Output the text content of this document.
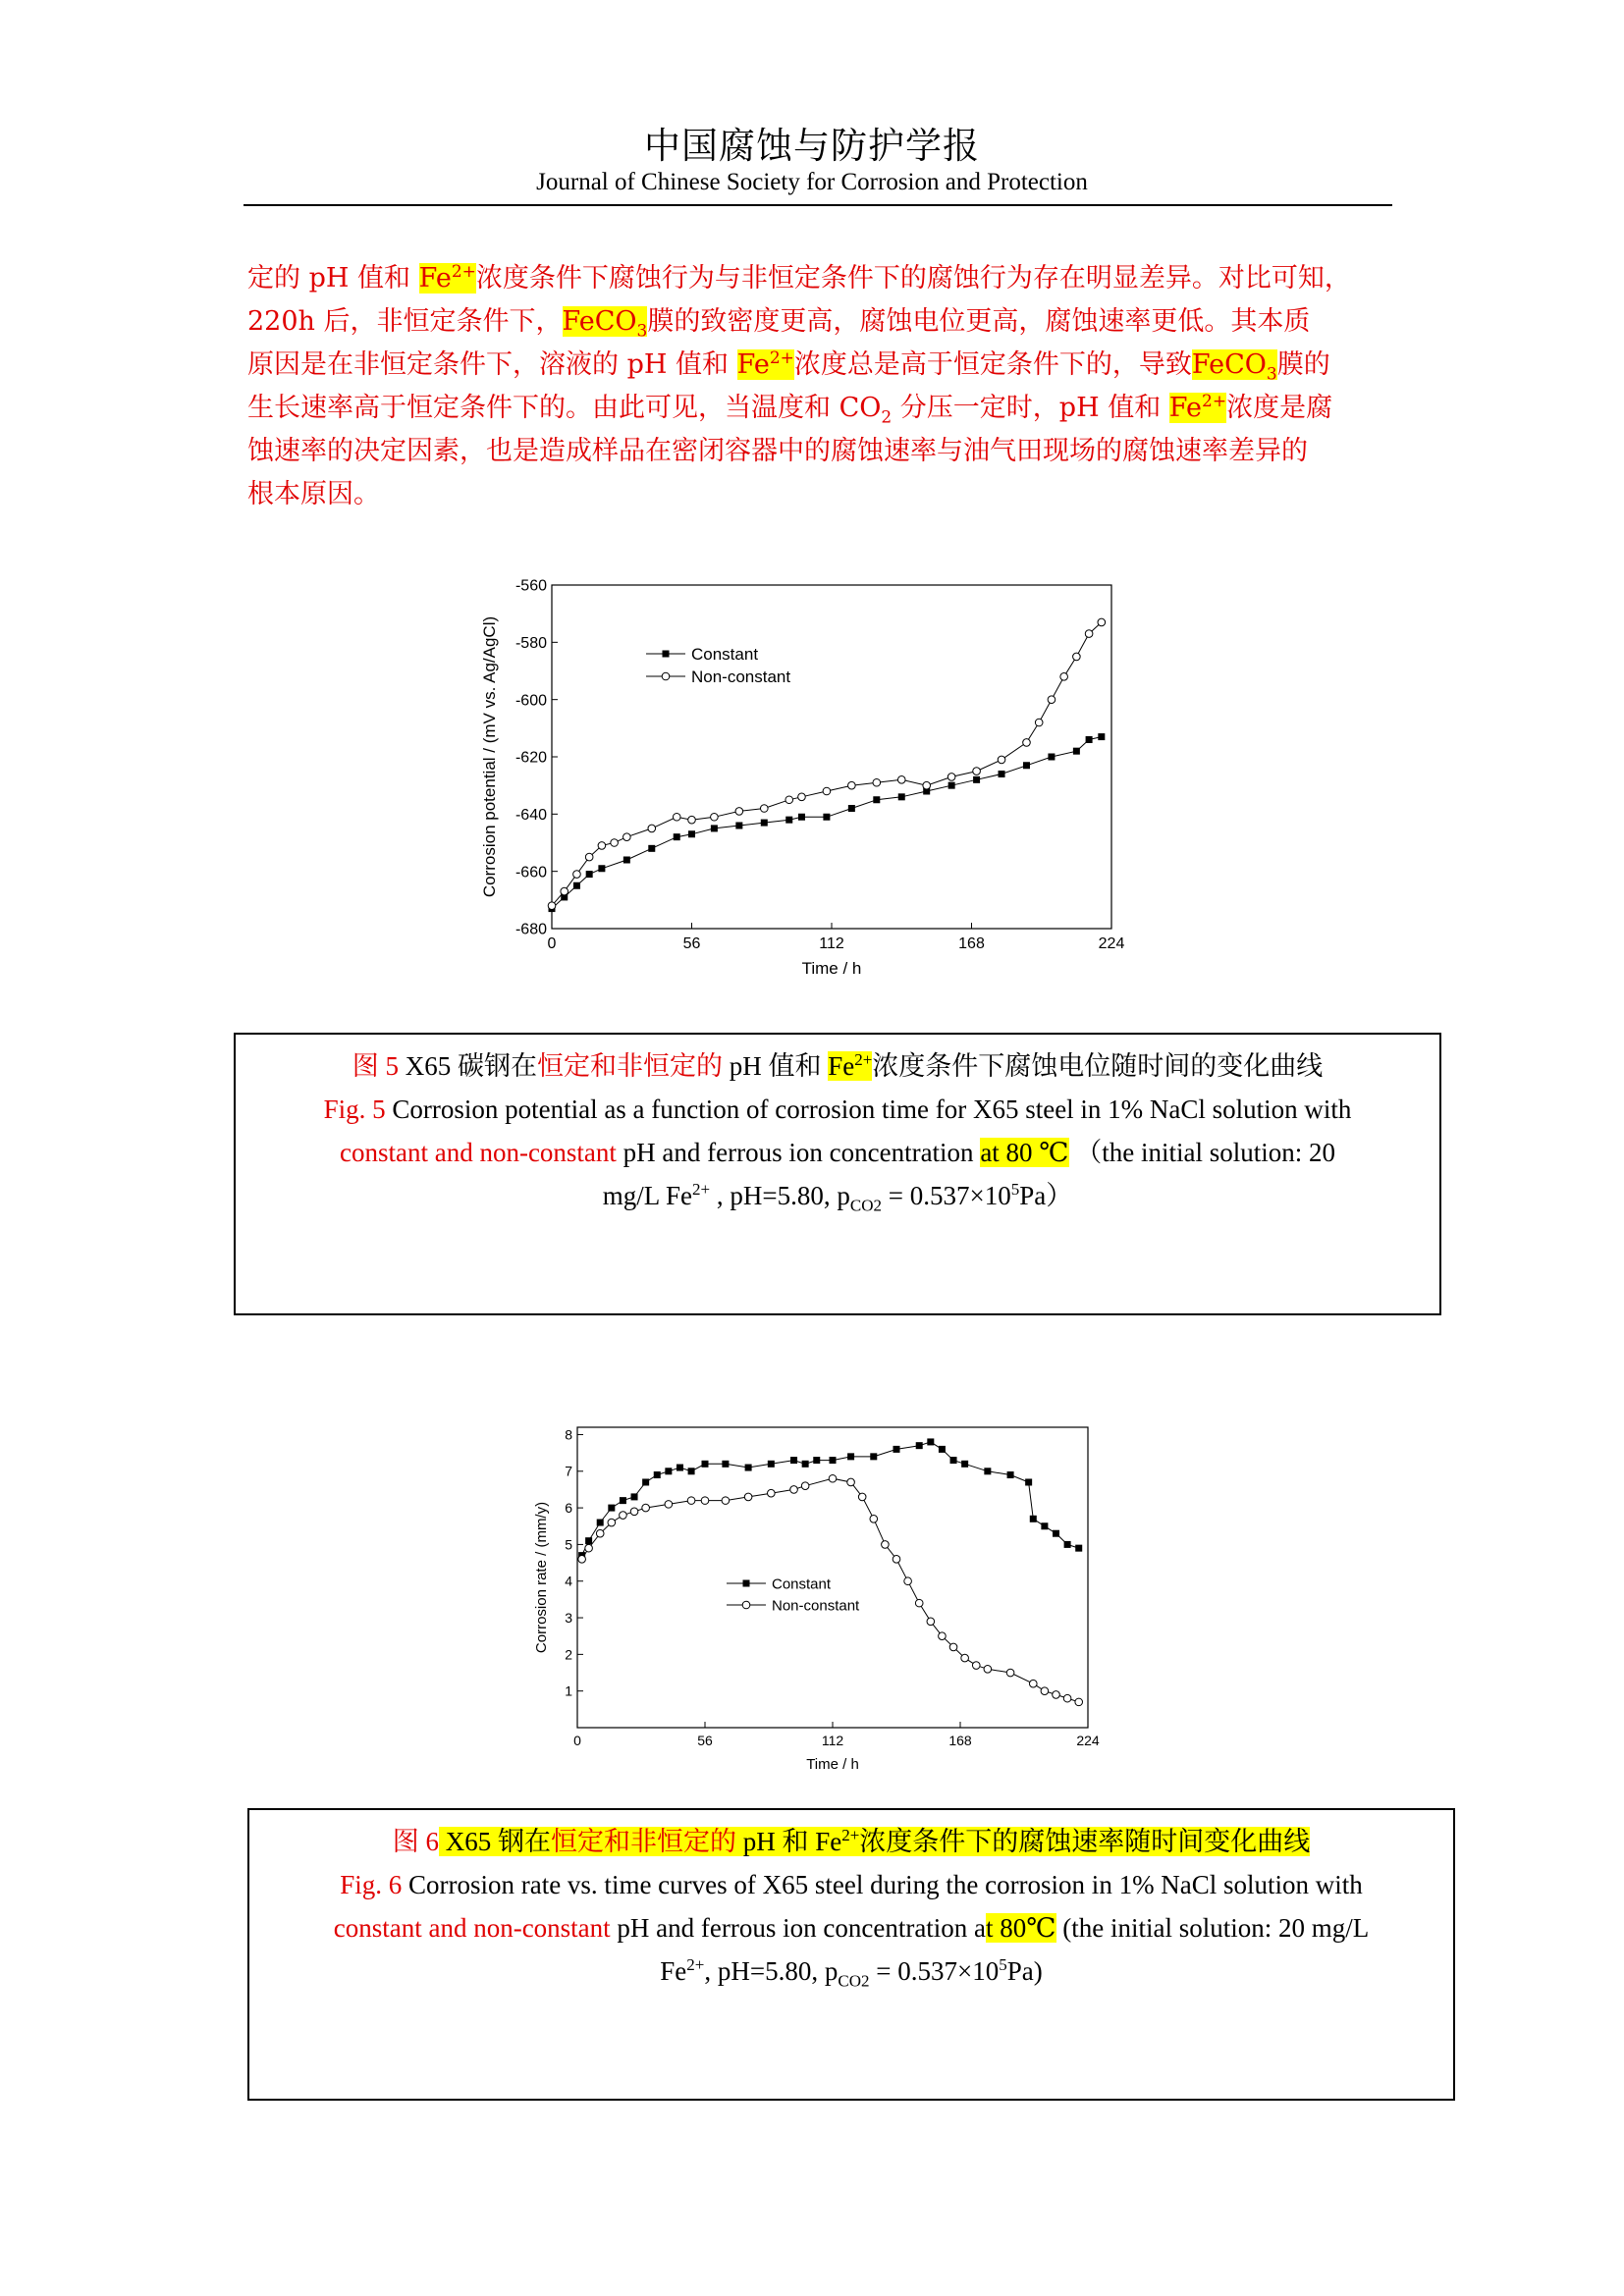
中国腐蚀与防护学报
Journal of Chinese Society for Corrosion and Protection
定的 pH 值和 $Fe^{2+}$浓度条件下腐蚀行为与非恒定条件下的腐蚀行为存在明显差异。对比可知，
220h 后，非恒定条件下，FeCO$_3$膜的致密度更高，腐蚀电位更高，腐蚀速率更低。其本质
原因是在非恒定条件下，溶液的 pH 值和 $Fe^{2+}$浓度总是高于恒定条件下的，导致FeCO$_3$膜的
生长速率高于恒定条件下的。由此可见，当温度和 $CO_2$ 分压一定时，pH 值和 $Fe^{2+}$浓度是腐
蚀速率的决定因素，也是造成样品在密闭容器中的腐蚀速率与油气田现场的腐蚀速率差异的
根本原因。
0	56	112	168	224
-680
-660
-640
-620
-600
-580
-560
Time / h
Corrosion potential / (mV vs. Ag/AgCl)	Constant
Non-constant
图 5 X65 碳钢在恒定和非恒定的 pH 值和 $Fe^{2+}$浓度条件下腐蚀电位随时间的变化曲线
Fig. 5 Corrosion potential as a function of corrosion time for X65 steel in 1% NaCl solution with
constant and non-constant pH and ferrous ion concentration at 80 ℃ （the initial solution: 20
mg/L $Fe^{2+}$ , pH=5.80, $p_{CO2} = 0.537\times 10^5Pa$）
0	56	112	168	224
1
2
3
4
5
6
7
8
Time / h
Corrosion rate / (mm/y)	Constant
Non-constant
图 6 X65 钢在恒定和非恒定的 pH 和 $Fe^{2+}$浓度条件下的腐蚀速率随时间变化曲线
Fig. 6 Corrosion rate vs. time curves of X65 steel during the corrosion in 1% NaCl solution with
constant and non-constant pH and ferrous ion concentration at 80℃ (the initial solution: 20 mg/L
$Fe^{2+}$, pH=5.80, $p_{CO2} = 0.537\times 10^5Pa$)
